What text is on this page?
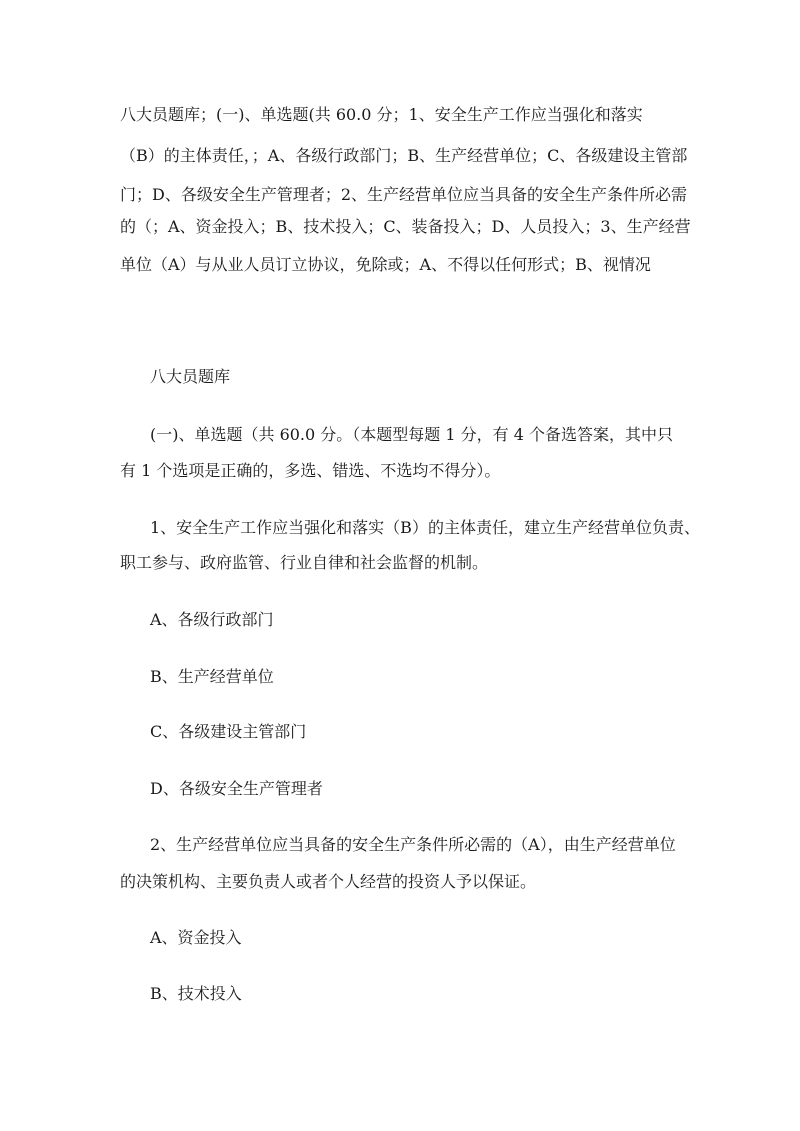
八大员题库；(一)、单选题(共 60.0 分；1、安全生产工作应当强化和落实
（B）的主体责任，；A、各级行政部门；B、生产经营单位；C、各级建设主管部
门；D、各级安全生产管理者；2、生产经营单位应当具备的安全生产条件所必需
的（；A、资金投入；B、技术投入；C、装备投入；D、人员投入；3、生产经营
单位（A）与从业人员订立协议，免除或；A、不得以任何形式；B、视情况
八大员题库
(一)、单选题（共 60.0 分。（本题型每题 1 分，有 4 个备选答案，其中只
有 1 个选项是正确的，多选、错选、不选均不得分）。
1、安全生产工作应当强化和落实（B）的主体责任，建立生产经营单位负责、
职工参与、政府监管、行业自律和社会监督的机制。
A、各级行政部门
B、生产经营单位
C、各级建设主管部门
D、各级安全生产管理者
2、生产经营单位应当具备的安全生产条件所必需的（A），由生产经营单位
的决策机构、主要负责人或者个人经营的投资人予以保证。
A、资金投入
B、技术投入
